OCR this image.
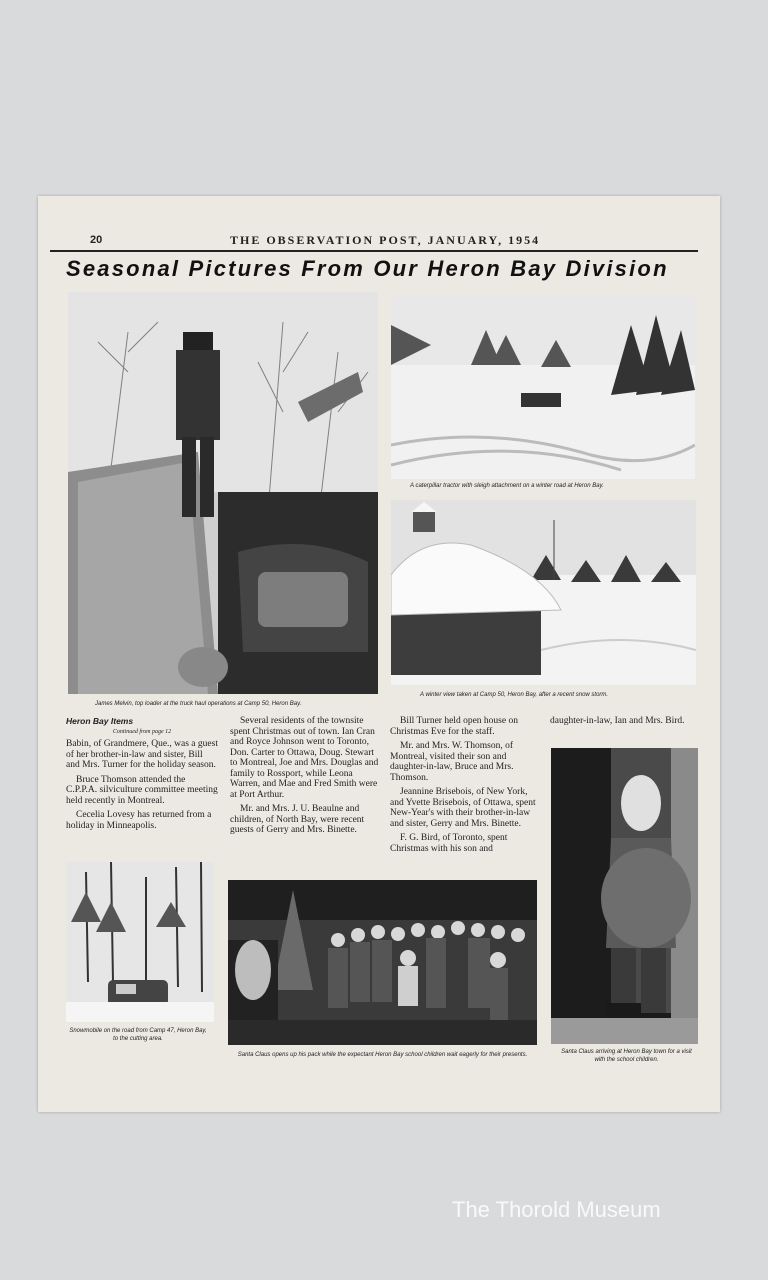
20	THE OBSERVATION POST, JANUARY, 1954
Seasonal Pictures From Our Heron Bay Division
James Melvin, top loader at the truck haul operations at Camp 50, Heron Bay.
A caterpillar tractor with sleigh attachment on a winter road at Heron Bay.
A winter view taken at Camp 50, Heron Bay, after a recent snow storm.
Heron Bay Items
Continued from page 12

Babin, of Grandmere, Que., was a guest of her brother-in-law and sister, Bill and Mrs. Turner for the holiday season.

Bruce Thomson attended the C.P.P.A. silviculture committee meeting held recently in Montreal.

Cecelia Lovesy has returned from a holiday in Minneapolis.

Several residents of the townsite spent Christmas out of town. Ian Cran and Royce Johnson went to Toronto, Don. Carter to Ottawa, Doug. Stewart to Montreal, Joe and Mrs. Douglas and family to Rossport, while Leona Warren, and Mae and Fred Smith were at Port Arthur.

Mr. and Mrs. J. U. Beaulne and children, of North Bay, were recent guests of Gerry and Mrs. Binette.

Bill Turner held open house on Christmas Eve for the staff.

Mr. and Mrs. W. Thomson, of Montreal, visited their son and daughter-in-law, Bruce and Mrs. Thomson.

Jeannine Brisebois, of New York, and Yvette Brisebois, of Ottawa, spent New-Year's with their brother-in-law and sister, Gerry and Mrs. Binette.

F. G. Bird, of Toronto, spent Christmas with his son and

daughter-in-law, Ian and Mrs. Bird.

Snowmobile on the road from Camp 47, Heron Bay, to the cutting area.
Santa Claus opens up his pack while the expectant Heron Bay school children wait eagerly for their presents.	Santa Claus arriving at Heron Bay town for a visit with the school children.
The Thorold Museum
